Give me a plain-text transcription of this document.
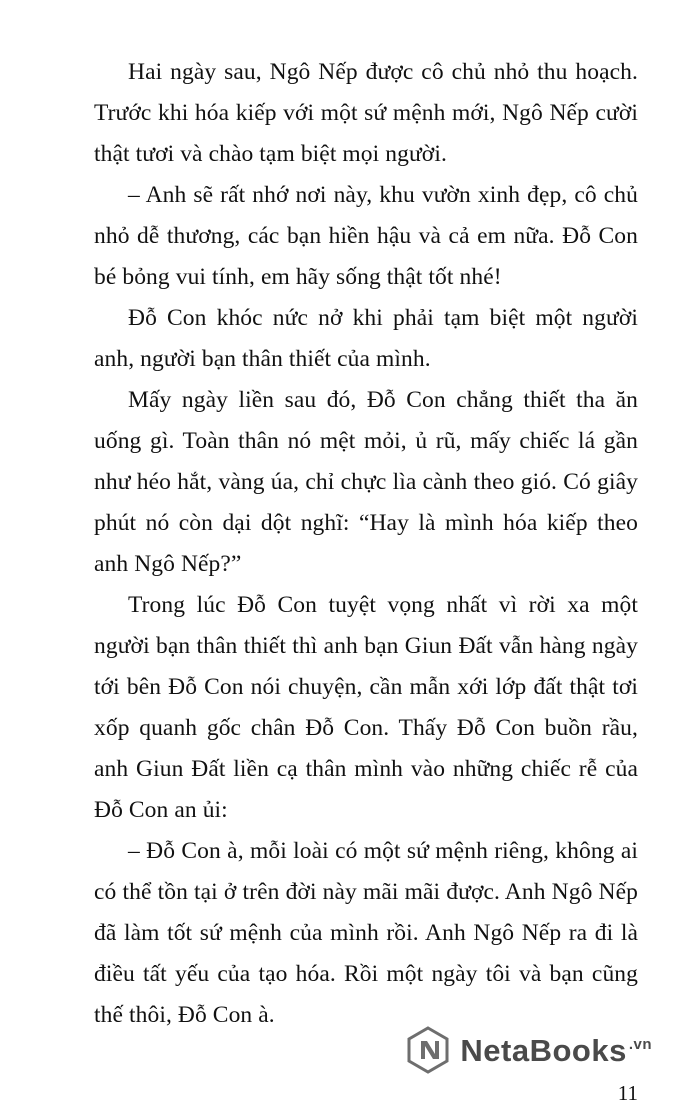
Hai ngày sau, Ngô Nếp được cô chủ nhỏ thu hoạch. Trước khi hóa kiếp với một sứ mệnh mới, Ngô Nếp cười thật tươi và chào tạm biệt mọi người.

– Anh sẽ rất nhớ nơi này, khu vườn xinh đẹp, cô chủ nhỏ dễ thương, các bạn hiền hậu và cả em nữa. Đỗ Con bé bỏng vui tính, em hãy sống thật tốt nhé!

Đỗ Con khóc nức nở khi phải tạm biệt một người anh, người bạn thân thiết của mình.

Mấy ngày liền sau đó, Đỗ Con chẳng thiết tha ăn uống gì. Toàn thân nó mệt mỏi, ủ rũ, mấy chiếc lá gần như héo hắt, vàng úa, chỉ chực lìa cành theo gió. Có giây phút nó còn dại dột nghĩ: “Hay là mình hóa kiếp theo anh Ngô Nếp?”

Trong lúc Đỗ Con tuyệt vọng nhất vì rời xa một người bạn thân thiết thì anh bạn Giun Đất vẫn hàng ngày tới bên Đỗ Con nói chuyện, cần mẫn xới lớp đất thật tơi xốp quanh gốc chân Đỗ Con. Thấy Đỗ Con buồn rầu, anh Giun Đất liền cạ thân mình vào những chiếc rễ của Đỗ Con an ủi:

– Đỗ Con à, mỗi loài có một sứ mệnh riêng, không ai có thể tồn tại ở trên đời này mãi mãi được. Anh Ngô Nếp đã làm tốt sứ mệnh của mình rồi. Anh Ngô Nếp ra đi là điều tất yếu của tạo hóa. Rồi một ngày tôi và bạn cũng thế thôi, Đỗ Con à.

NetaBooks $^{.vn}$
11
